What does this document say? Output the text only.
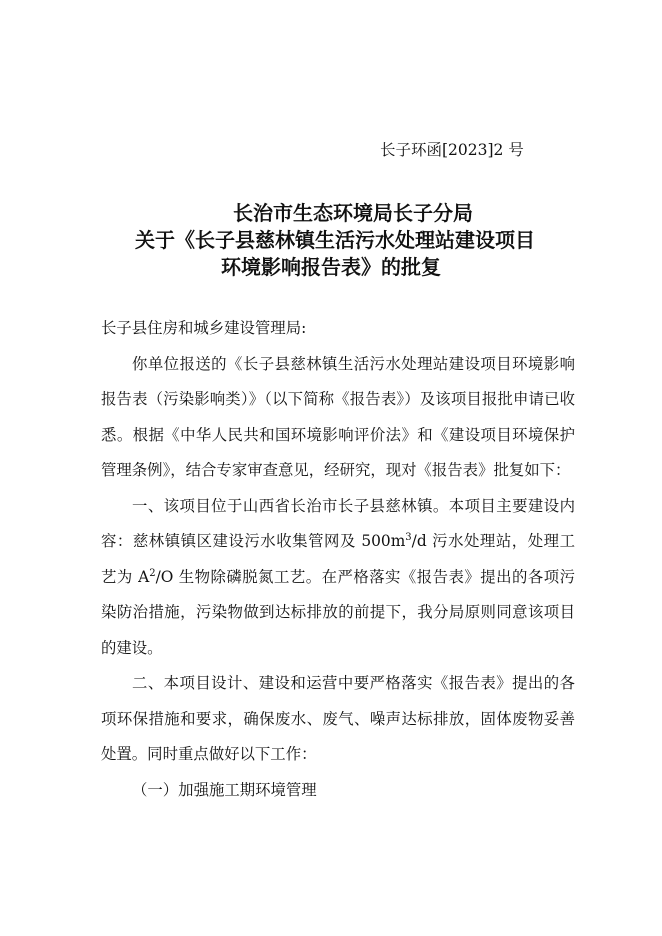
长子环函[2023]2 号
长治市生态环境局长子分局
关于《长子县慈林镇生活污水处理站建设项目
环境影响报告表》的批复

长子县住房和城乡建设管理局:

你单位报送的《长子县慈林镇生活污水处理站建设项目环境影响报告表（污染影响类）》（以下简称《报告表》）及该项目报批申请已收悉。根据《中华人民共和国环境影响评价法》和《建设项目环境保护管理条例》，结合专家审查意见，经研究，现对《报告表》批复如下：

一、该项目位于山西省长治市长子县慈林镇。本项目主要建设内容：慈林镇镇区建设污水收集管网及 $500m^3/d$ 污水处理站，处理工艺为 $A^2/O$ 生物除磷脱氮工艺。在严格落实《报告表》提出的各项污染防治措施，污染物做到达标排放的前提下，我分局原则同意该项目的建设。

二、本项目设计、建设和运营中要严格落实《报告表》提出的各项环保措施和要求，确保废水、废气、噪声达标排放，固体废物妥善处置。同时重点做好以下工作：

（一）加强施工期环境管理
